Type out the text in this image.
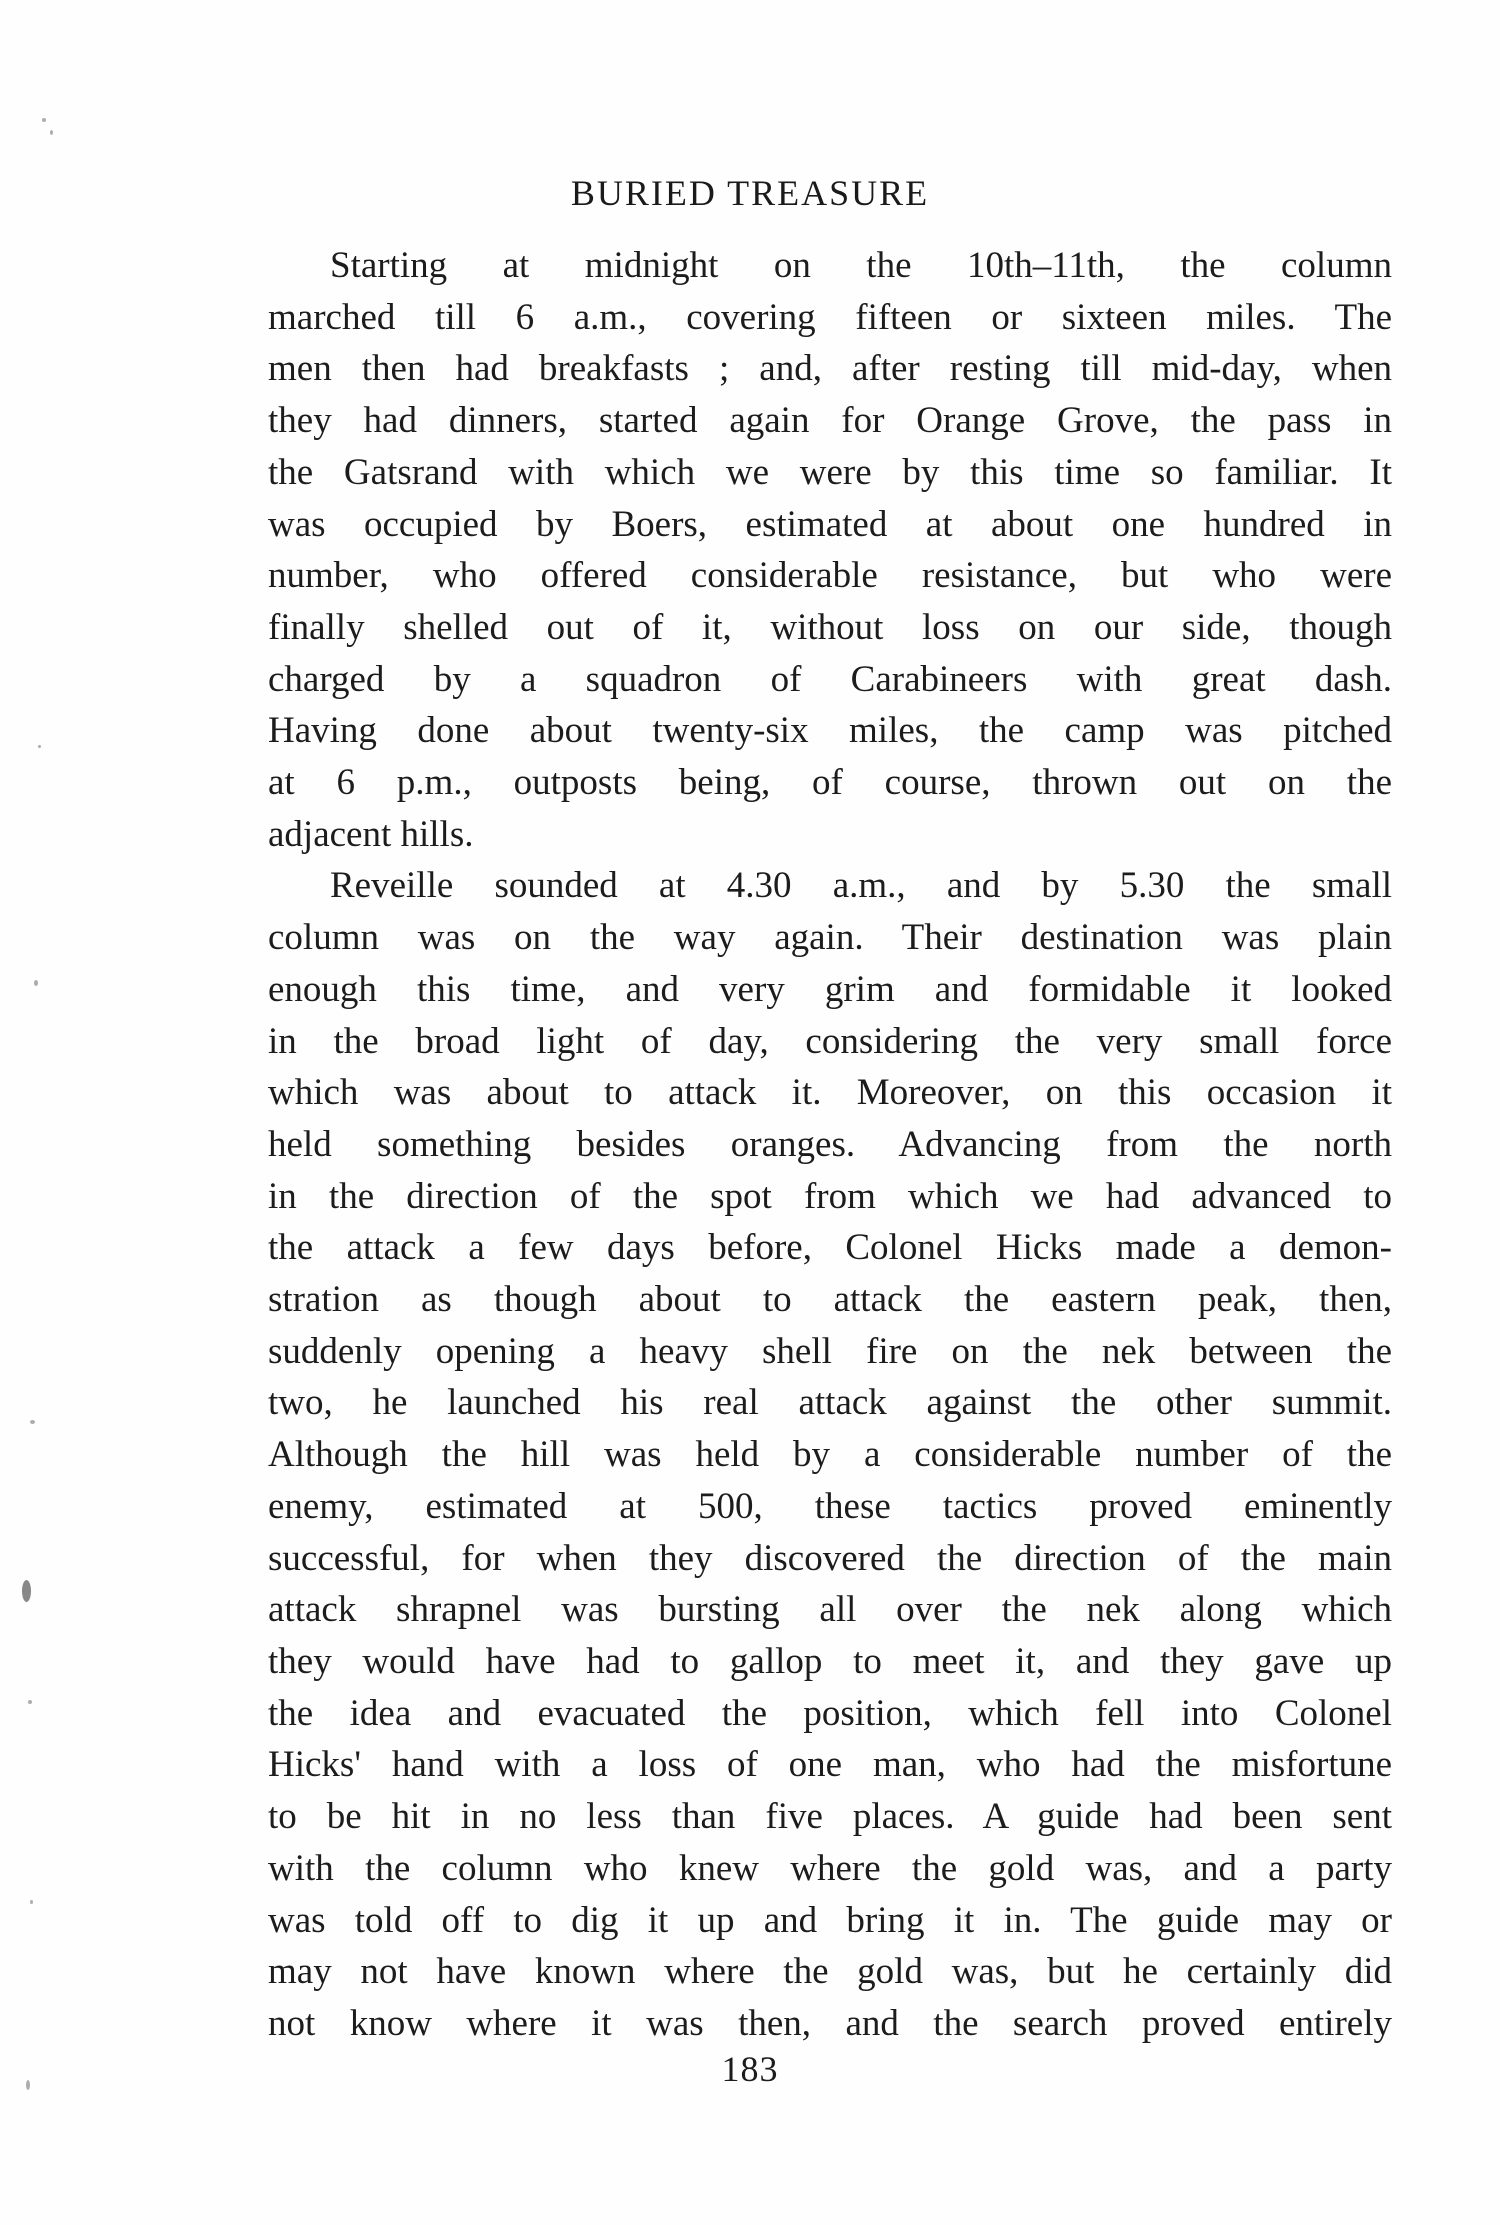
BURIED TREASURE

Starting at midnight on the 10th–11th, the column
marched till 6 a.m., covering fifteen or sixteen miles. The
men then had breakfasts ; and, after resting till mid-day, when
they had dinners, started again for Orange Grove, the pass in
the Gatsrand with which we were by this time so familiar. It
was occupied by Boers, estimated at about one hundred in
number, who offered considerable resistance, but who were
finally shelled out of it, without loss on our side, though
charged by a squadron of Carabineers with great dash.
Having done about twenty-six miles, the camp was pitched
at 6 p.m., outposts being, of course, thrown out on the
adjacent hills.

Reveille sounded at 4.30 a.m., and by 5.30 the small
column was on the way again. Their destination was plain
enough this time, and very grim and formidable it looked
in the broad light of day, considering the very small force
which was about to attack it. Moreover, on this occasion it
held something besides oranges. Advancing from the north
in the direction of the spot from which we had advanced to
the attack a few days before, Colonel Hicks made a demon-
stration as though about to attack the eastern peak, then,
suddenly opening a heavy shell fire on the nek between the
two, he launched his real attack against the other summit.
Although the hill was held by a considerable number of the
enemy, estimated at 500, these tactics proved eminently
successful, for when they discovered the direction of the main
attack shrapnel was bursting all over the nek along which
they would have had to gallop to meet it, and they gave up
the idea and evacuated the position, which fell into Colonel
Hicks' hand with a loss of one man, who had the misfortune
to be hit in no less than five places. A guide had been sent
with the column who knew where the gold was, and a party
was told off to dig it up and bring it in. The guide may or
may not have known where the gold was, but he certainly did
not know where it was then, and the search proved entirely

183
